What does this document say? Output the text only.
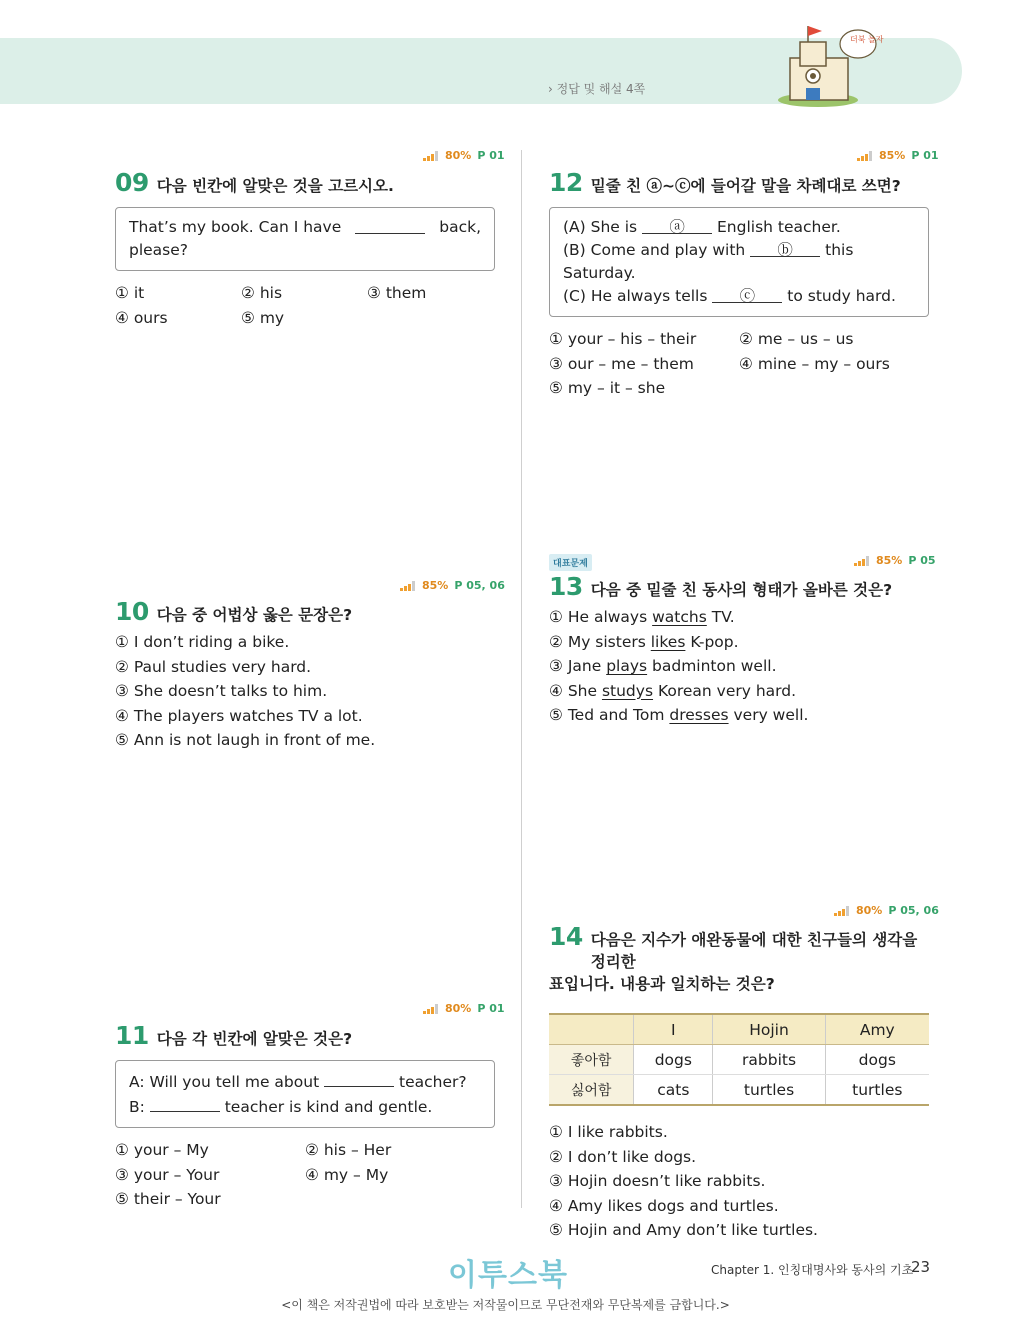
› 정답 및 해설 4쪽
더북 놀자
80% P 01
09 다음 빈칸에 알맞은 것을 고르시오.
That’s my book. Can I have	back,
please?
① it	② his	③ them
④ ours	⑤ my
85% P 05, 06
10 다음 중 어법상 옳은 문장은?
① I don’t riding a bike.
② Paul studies very hard.
③ She doesn’t talks to him.
④ The players watches TV a lot.
⑤ Ann is not laugh in front of me.
80% P 01
11 다음 각 빈칸에 알맞은 것은?
A: Will you tell me about	teacher?
B:	teacher is kind and gentle.
① your – My	② his – Her
③ your – Your	④ my – My
⑤ their – Your
85% P 01
12 밑줄 친 ⓐ~ⓒ에 들어갈 말을 차례대로 쓰면?
(A) She is ⓐ English teacher.
(B) Come and play with ⓑ this Saturday.
(C) He always tells ⓒ to study hard.
① your – his – their	② me – us – us
③ our – me – them	④ mine – my – ours
⑤ my – it – she
대표문제	85% P 05
13 다음 중 밑줄 친 동사의 형태가 올바른 것은?
① He always watchs TV.
② My sisters likes K-pop.
③ Jane plays badminton well.
④ She studys Korean very hard.
⑤ Ted and Tom dresses very well.
80% P 05, 06
14 다음은 지수가 애완동물에 대한 친구들의 생각을 정리한
표입니다. 내용과 일치하는 것은?
	I	Hojin	Amy
좋아함	dogs	rabbits	dogs
싫어함	cats	turtles	turtles
① I like rabbits.
② I don’t like dogs.
③ Hojin doesn’t like rabbits.
④ Amy likes dogs and turtles.
⑤ Hojin and Amy don’t like turtles.
이투스북	Chapter 1. 인칭대명사와 동사의 기초
23
<이 책은 저작권법에 따라 보호받는 저작물이므로 무단전재와 무단복제를 금합니다.>
